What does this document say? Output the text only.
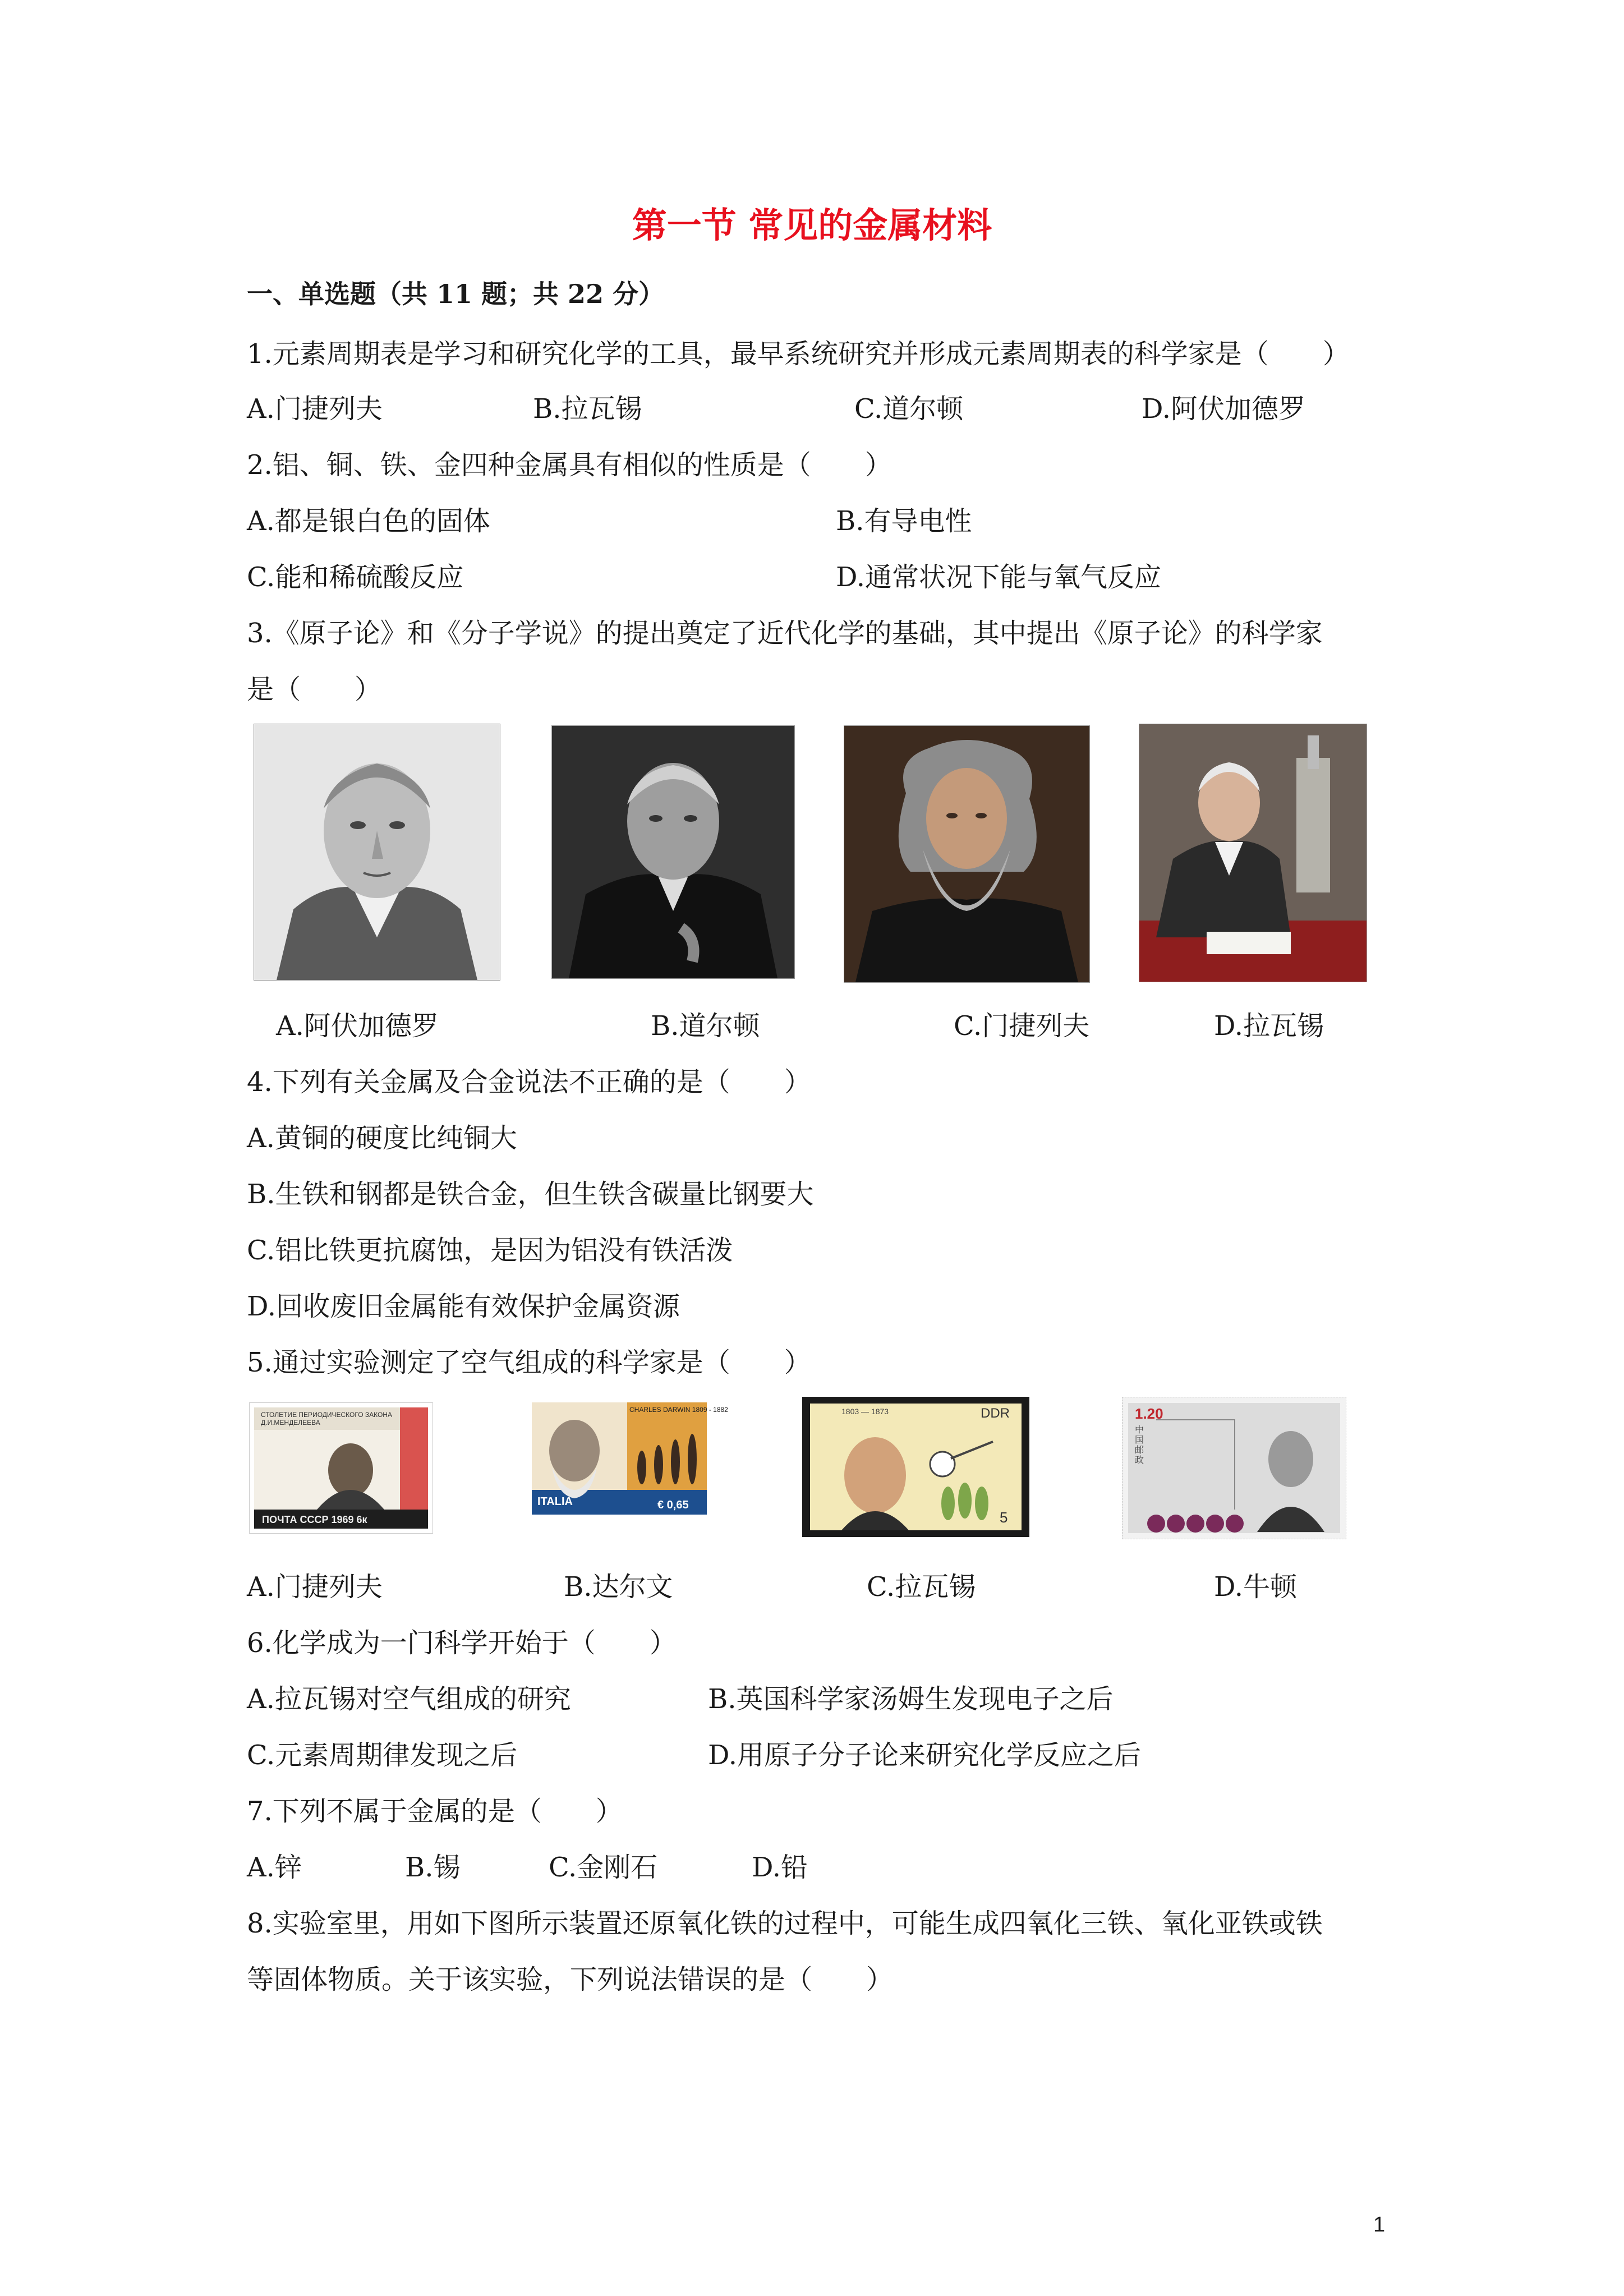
第一节 常见的金属材料
一、单选题（共 11 题；共 22 分）
1.元素周期表是学习和研究化学的工具，最早系统研究并形成元素周期表的科学家是（　　）
A.门捷列夫	B.拉瓦锡	C.道尔顿	D.阿伏加德罗
2.铝、铜、铁、金四种金属具有相似的性质是（　　）
A.都是银白色的固体	B.有导电性
C.能和稀硫酸反应	D.通常状况下能与氧气反应
3.《原子论》和《分子学说》的提出奠定了近代化学的基础，其中提出《原子论》的科学家
是（　　）
A.阿伏加德罗	B.道尔顿	C.门捷列夫	D.拉瓦锡
4.下列有关金属及合金说法不正确的是（　　）
A.黄铜的硬度比纯铜大
B.生铁和钢都是铁合金，但生铁含碳量比钢要大
C.铝比铁更抗腐蚀，是因为铝没有铁活泼
D.回收废旧金属能有效保护金属资源
5.通过实验测定了空气组成的科学家是（　　）
СТОЛЕТИЕ ПЕРИОДИЧЕСКОГО ЗАКОНА Д.И.МЕНДЕЛЕЕВА
ПОЧТА СССР 1969 6к
CHARLES DARWIN 1809 - 1882
ITALIA	€ 0,65
1803 — 1873	DDR
5
1.20
中国邮政
A.门捷列夫	B.达尔文	C.拉瓦锡	D.牛顿
6.化学成为一门科学开始于（　　）
A.拉瓦锡对空气组成的研究	B.英国科学家汤姆生发现电子之后
C.元素周期律发现之后	D.用原子分子论来研究化学反应之后
7.下列不属于金属的是（　　）
A.锌	B.锡	C.金刚石	D.铅
8.实验室里，用如下图所示装置还原氧化铁的过程中，可能生成四氧化三铁、氧化亚铁或铁
等固体物质。关于该实验，下列说法错误的是（　　）
1
